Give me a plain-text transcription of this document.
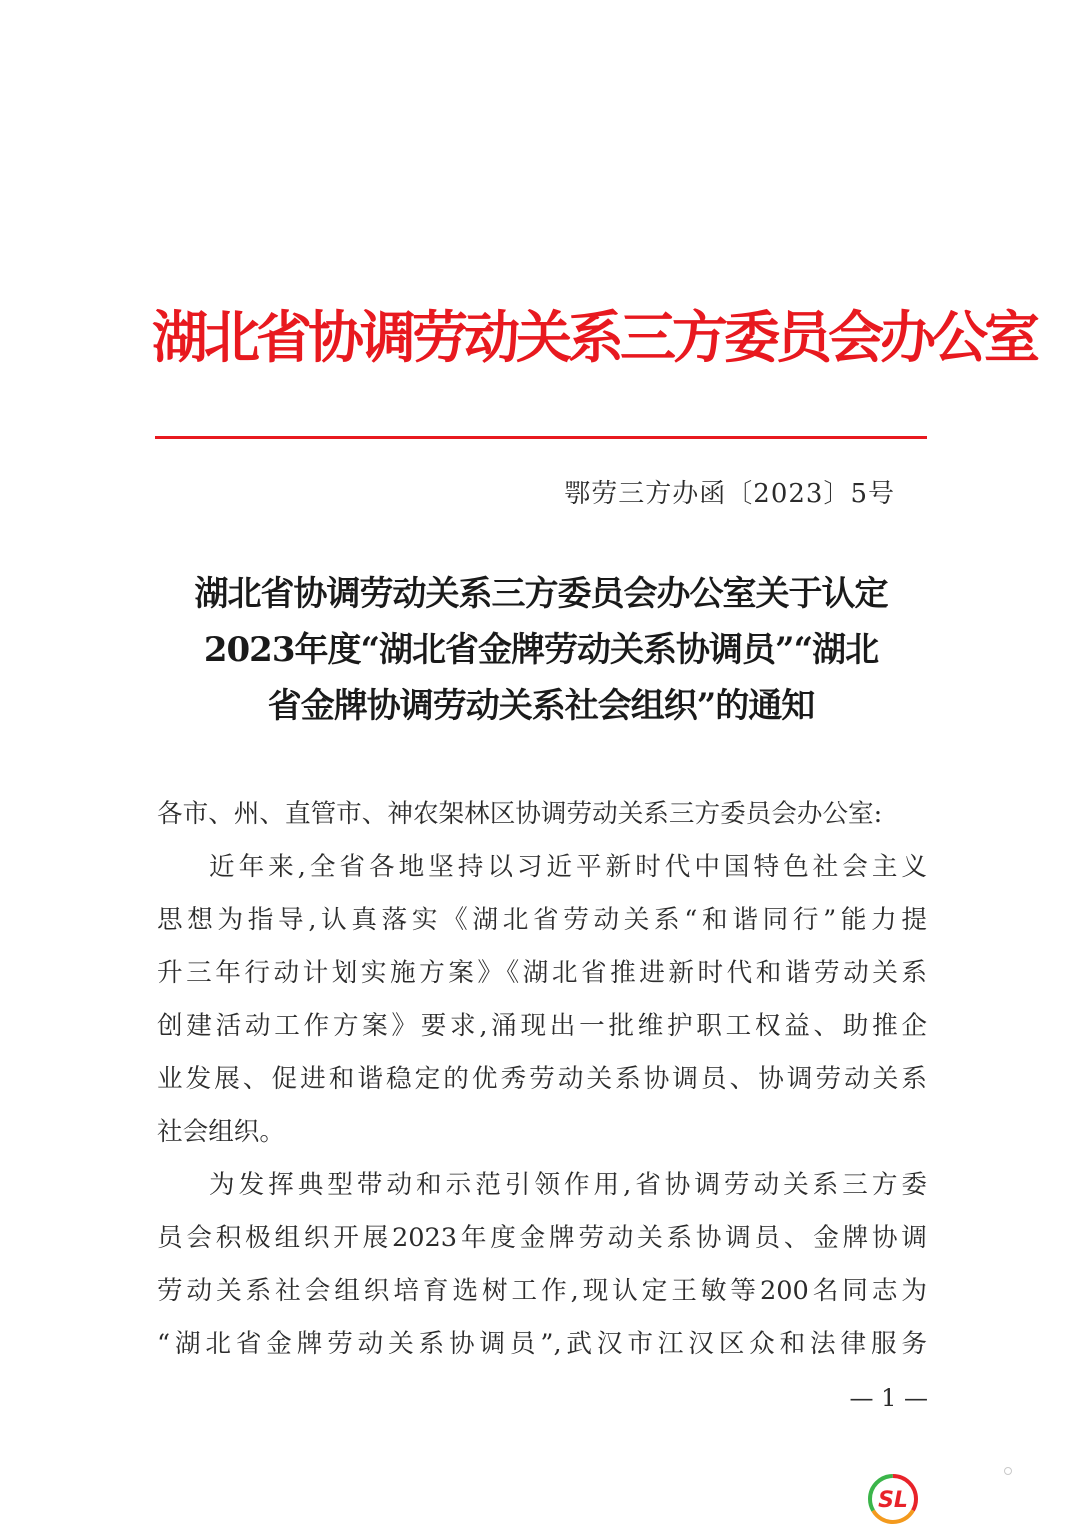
湖北省协调劳动关系三方委员会办公室
鄂劳三方办函〔2023〕5号
湖北省协调劳动关系三方委员会办公室关于认定
2023年度“湖北省金牌劳动关系协调员”“湖北
省金牌协调劳动关系社会组织”的通知
各市、州、直管市、神农架林区协调劳动关系三方委员会办公室:
近年来,全省各地坚持以习近平新时代中国特色社会主义
思想为指导,认真落实《湖北省劳动关系“和谐同行”能力提
升三年行动计划实施方案》《湖北省推进新时代和谐劳动关系
创建活动工作方案》要求,涌现出一批维护职工权益、助推企
业发展、促进和谐稳定的优秀劳动关系协调员、协调劳动关系
社会组织。
为发挥典型带动和示范引领作用,省协调劳动关系三方委
员会积极组织开展2023年度金牌劳动关系协调员、金牌协调
劳动关系社会组织培育选树工作,现认定王敏等200名同志为
“湖北省金牌劳动关系协调员”,武汉市江汉区众和法律服务
— 1 —
SL
